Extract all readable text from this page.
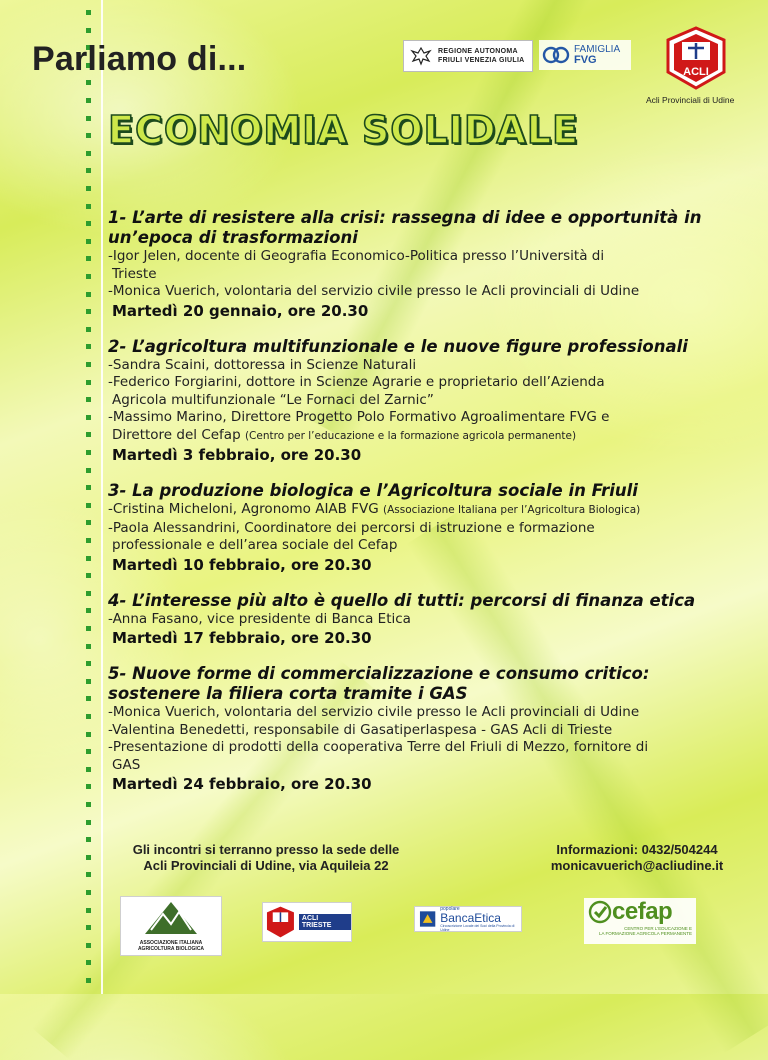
Parliamo di...	REGIONE AUTONOMA
FRIULI VENEZIA GIULIA
FAMIGLIA
FVG
ACLI
Acli Provinciali di Udine
ECONOMIA SOLIDALE

1- L’arte di resistere alla crisi: rassegna di idee e opportunità in

un’epoca di trasformazioni

-Igor Jelen, docente di Geografia Economico-Politica presso l’Università di

Trieste

-Monica Vuerich, volontaria del servizio civile presso le Acli provinciali di Udine

Martedì 20 gennaio, ore 20.30

2- L’agricoltura multifunzionale e le nuove figure professionali

-Sandra Scaini, dottoressa in Scienze Naturali

-Federico Forgiarini, dottore in Scienze Agrarie e proprietario dell’Azienda

Agricola multifunzionale “Le Fornaci del Zarnic”

-Massimo Marino, Direttore Progetto Polo Formativo Agroalimentare FVG e

Direttore del Cefap (Centro per l’educazione e la formazione agricola permanente)

Martedì 3 febbraio, ore 20.30

3- La produzione biologica e l’Agricoltura sociale in Friuli

-Cristina Micheloni, Agronomo AIAB FVG (Associazione Italiana per l’Agricoltura Biologica)

-Paola Alessandrini, Coordinatore dei percorsi di istruzione e formazione

professionale e dell’area sociale del Cefap

Martedì 10 febbraio, ore 20.30

4- L’interesse più alto è quello di tutti: percorsi di finanza etica

-Anna Fasano, vice presidente di Banca Etica

Martedì 17 febbraio, ore 20.30

5- Nuove forme di commercializzazione e consumo critico:

sostenere la filiera corta tramite i GAS

-Monica Vuerich, volontaria del servizio civile presso le Acli provinciali di Udine

-Valentina Benedetti, responsabile di Gasatiperlaspesa - GAS Acli di Trieste

-Presentazione di prodotti della cooperativa Terre del Friuli di Mezzo, fornitore di

GAS

Martedì 24 febbraio, ore 20.30

Gli incontri si terranno presso la sede delle
Acli Provinciali di Udine, via Aquileia 22
Informazioni: 0432/504244
monicavuerich@acliudine.it
ASSOCIAZIONE ITALIANA
AGRICOLTURA BIOLOGICA
ACLI TRIESTE
popolare
BancaEtica
Circoscrizione Locale dei Soci della Provincia di Udine
cefap
CENTRO PER L'EDUCAZIONE E
LA FORMAZIONE AGRICOLA PERMANENTE
